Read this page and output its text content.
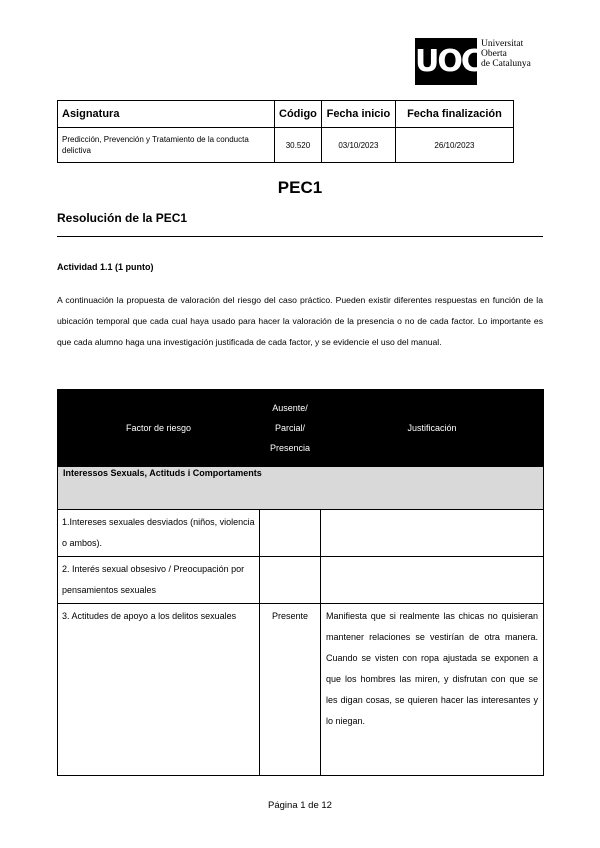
UOC Universitat
Oberta
de Catalunya
Asignatura	Código	Fecha inicio	Fecha finalización
Predicción, Prevención y Tratamiento de la conducta delictiva	30.520	03/10/2023	26/10/2023
PEC1
Resolución de la PEC1
Actividad 1.1 (1 punto)

A continuación la propuesta de valoración del riesgo del caso práctico. Pueden existir diferentes respuestas en función de la ubicación temporal que cada cual haya usado para hacer la valoración de la presencia o no de cada factor. Lo importante es que cada alumno haga una investigación justificada de cada factor, y se evidencie el uso del manual.

Factor de riesgo	Ausente/
Parcial/
Presencia	Justificación
Interessos Sexuals, Actituds i Comportaments		
1.Intereses sexuales desviados (niños, violencia o ambos).		
2. Interés sexual obsesivo / Preocupación por pensamientos sexuales		
3. Actitudes de apoyo a los delitos sexuales	Presente	Manifiesta que si realmente las chicas no quisieran mantener relaciones se vestirían de otra manera. Cuando se visten con ropa ajustada se exponen a que los hombres las miren, y disfrutan con que se les digan cosas, se quieren hacer las interesantes y lo niegan.
Página 1 de 12
